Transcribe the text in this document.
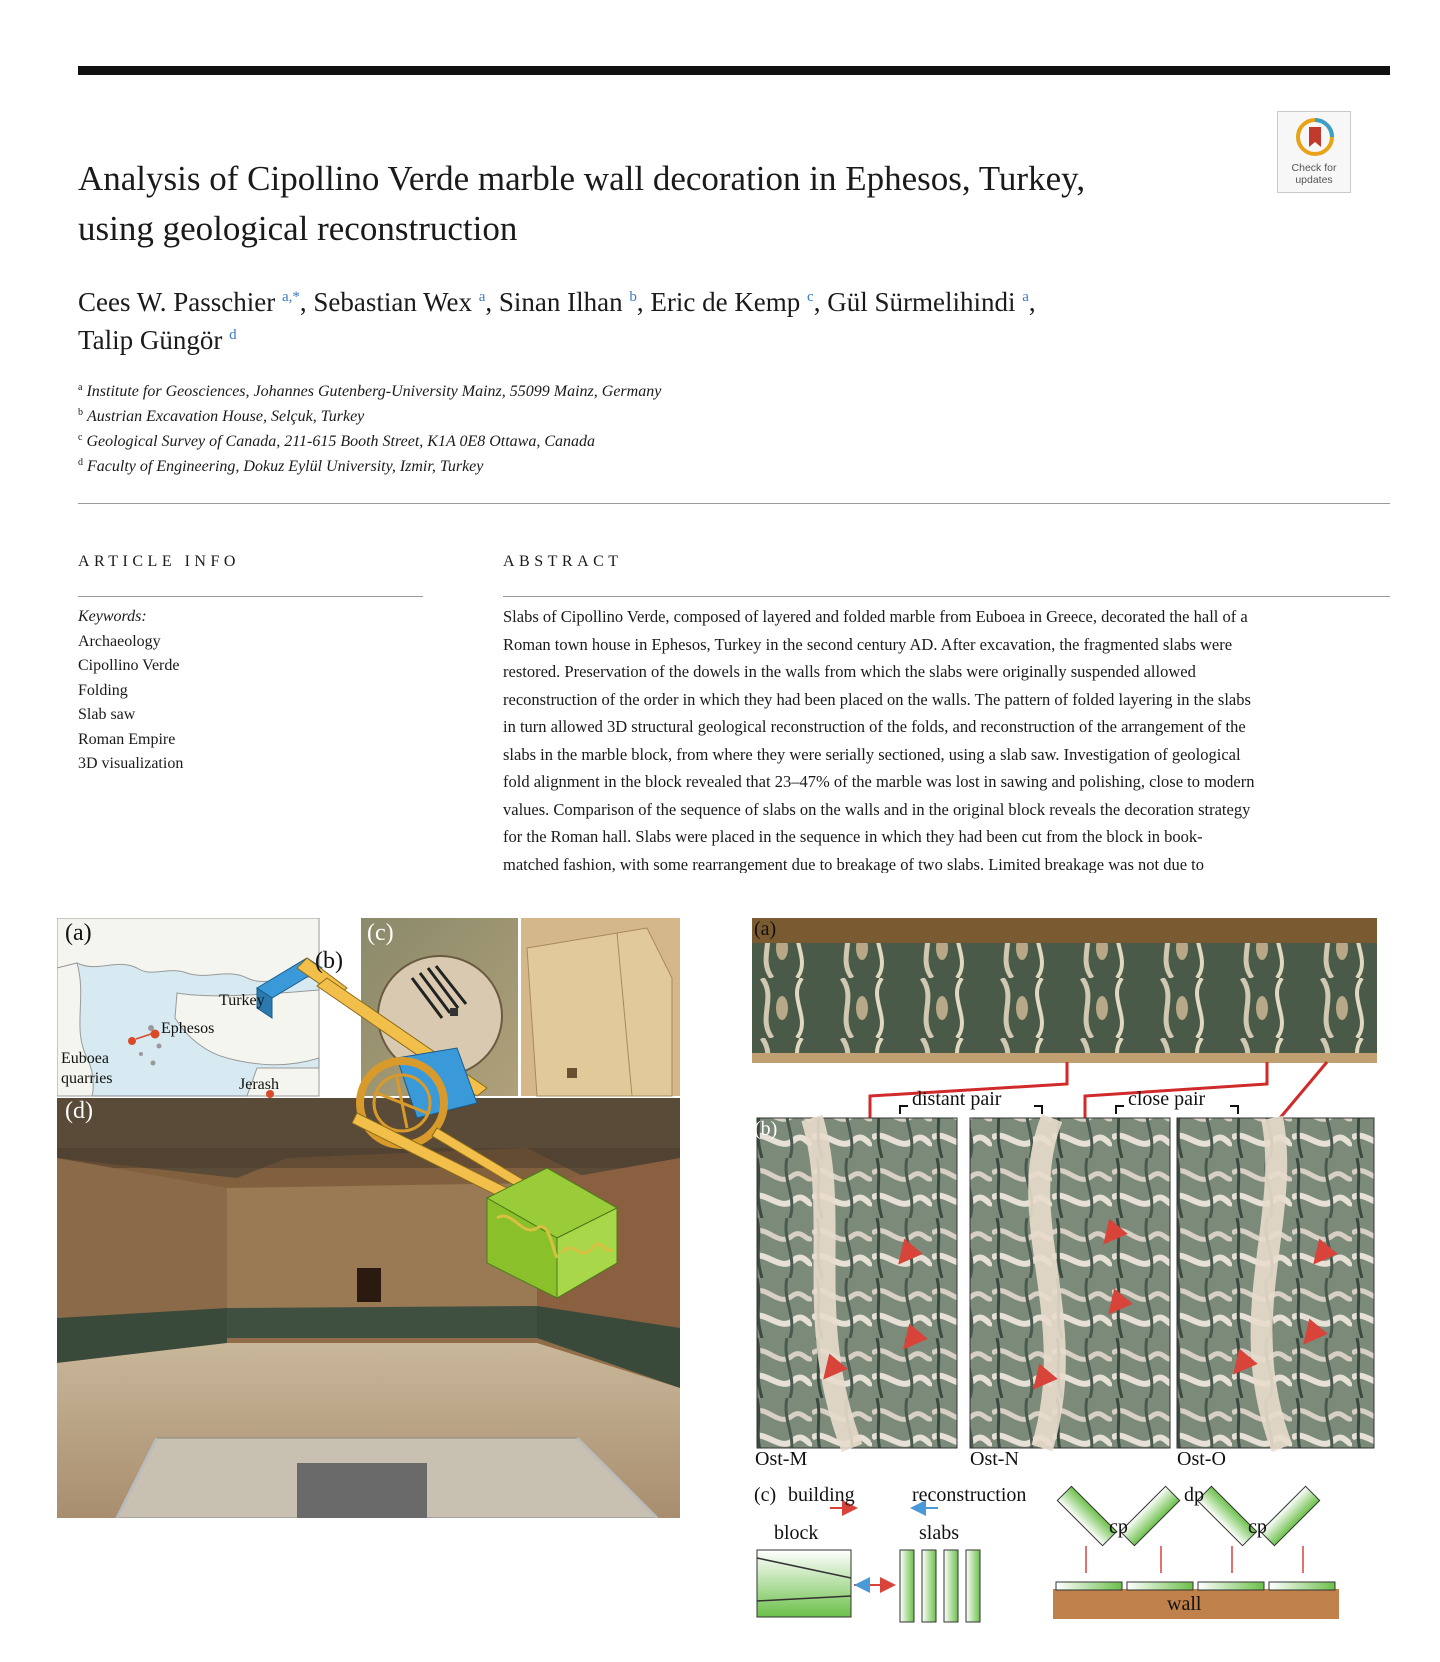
Check for
updates
Analysis of Cipollino Verde marble wall decoration in Ephesos, Turkey,
using geological reconstruction
Cees W. Passchier $^{a,*}$, Sebastian Wex $^a$, Sinan Ilhan $^b$, Eric de Kemp $^c$, Gül Sürmelihindi $^a$,
Talip Güngör $^d$
$^a$ Institute for Geosciences, Johannes Gutenberg-University Mainz, 55099 Mainz, Germany
$^b$ Austrian Excavation House, Selçuk, Turkey
$^c$ Geological Survey of Canada, 211-615 Booth Street, K1A 0E8 Ottawa, Canada
$^d$ Faculty of Engineering, Dokuz Eylül University, Izmir, Turkey
ARTICLE INFO	ABSTRACT
Keywords:
Archaeology
Cipollino Verde
Folding
Slab saw
Roman Empire
3D visualization
Slabs of Cipollino Verde, composed of layered and folded marble from Euboea in Greece, decorated the hall of a
Roman town house in Ephesos, Turkey in the second century AD. After excavation, the fragmented slabs were
restored. Preservation of the dowels in the walls from which the slabs were originally suspended allowed
reconstruction of the order in which they had been placed on the walls. The pattern of folded layering in the slabs
in turn allowed 3D structural geological reconstruction of the folds, and reconstruction of the arrangement of the
slabs in the marble block, from where they were serially sectioned, using a slab saw. Investigation of geological
fold alignment in the block revealed that 23–47% of the marble was lost in sawing and polishing, close to modern
values. Comparison of the sequence of slabs on the walls and in the original block reveals the decoration strategy
for the Roman hall. Slabs were placed in the sequence in which they had been cut from the block in book-
matched fashion, with some rearrangement due to breakage of two slabs. Limited breakage was not due to
(a)
(b)
(c)
(d)
Turkey
Ephesos
Euboea
quarries	Jerash
(a)
(b)
(c)
distant pair	close pair
Ost-M	Ost-N	Ost-O
building	reconstruction
block	slabs
dp
cp	cp
wall
